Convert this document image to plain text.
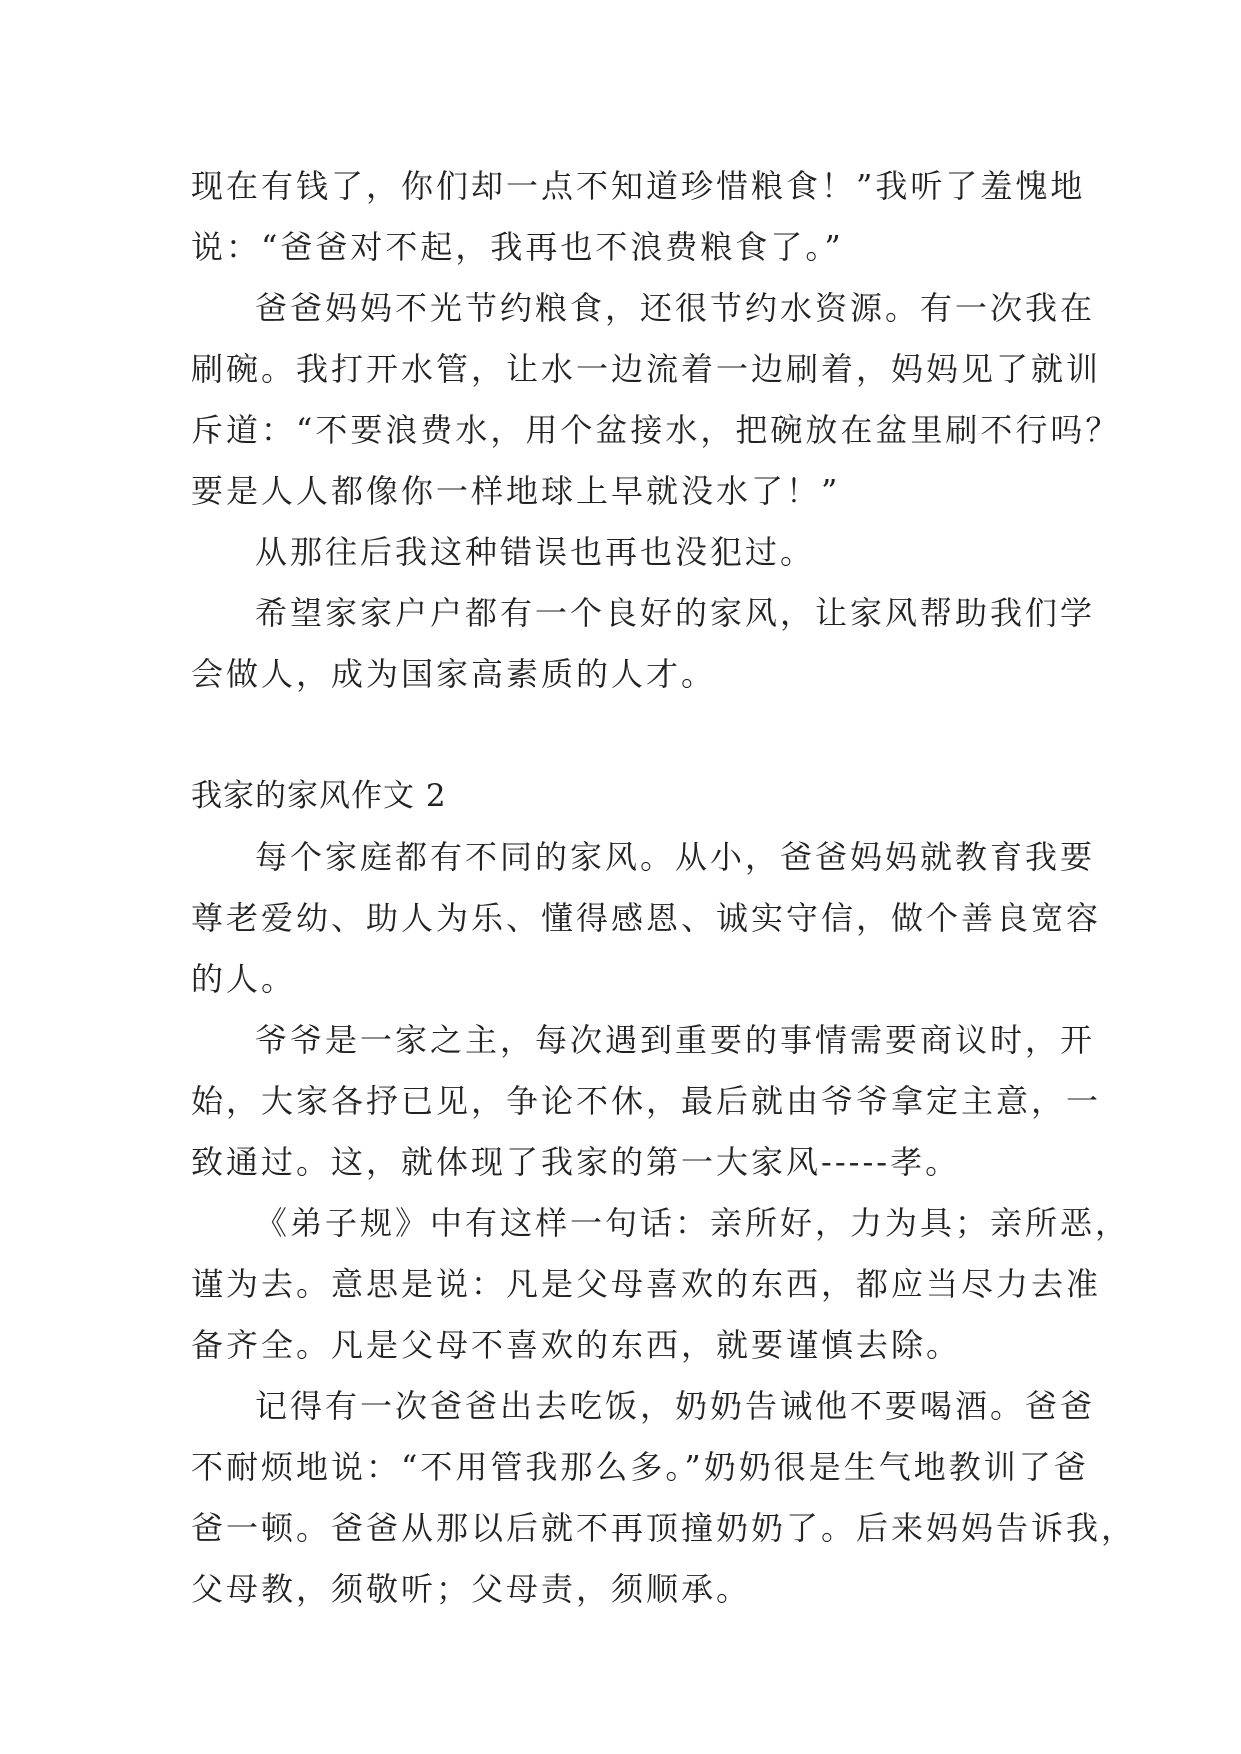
现在有钱了，你们却一点不知道珍惜粮食！”我听了羞愧地
说：“爸爸对不起，我再也不浪费粮食了。”
爸爸妈妈不光节约粮食，还很节约水资源。有一次我在
刷碗。我打开水管，让水一边流着一边刷着，妈妈见了就训
斥道：“不要浪费水，用个盆接水，把碗放在盆里刷不行吗？
要是人人都像你一样地球上早就没水了！”
从那往后我这种错误也再也没犯过。
希望家家户户都有一个良好的家风，让家风帮助我们学
会做人，成为国家高素质的人才。
我家的家风作文 2
每个家庭都有不同的家风。从小，爸爸妈妈就教育我要
尊老爱幼、助人为乐、懂得感恩、诚实守信，做个善良宽容
的人。
爷爷是一家之主，每次遇到重要的事情需要商议时，开
始，大家各抒已见，争论不休，最后就由爷爷拿定主意，一
致通过。这，就体现了我家的第一大家风-----孝。
《弟子规》中有这样一句话：亲所好，力为具；亲所恶，
谨为去。意思是说：凡是父母喜欢的东西，都应当尽力去准
备齐全。凡是父母不喜欢的东西，就要谨慎去除。
记得有一次爸爸出去吃饭，奶奶告诫他不要喝酒。爸爸
不耐烦地说：“不用管我那么多。”奶奶很是生气地教训了爸
爸一顿。爸爸从那以后就不再顶撞奶奶了。后来妈妈告诉我，
父母教，须敬听；父母责，须顺承。
